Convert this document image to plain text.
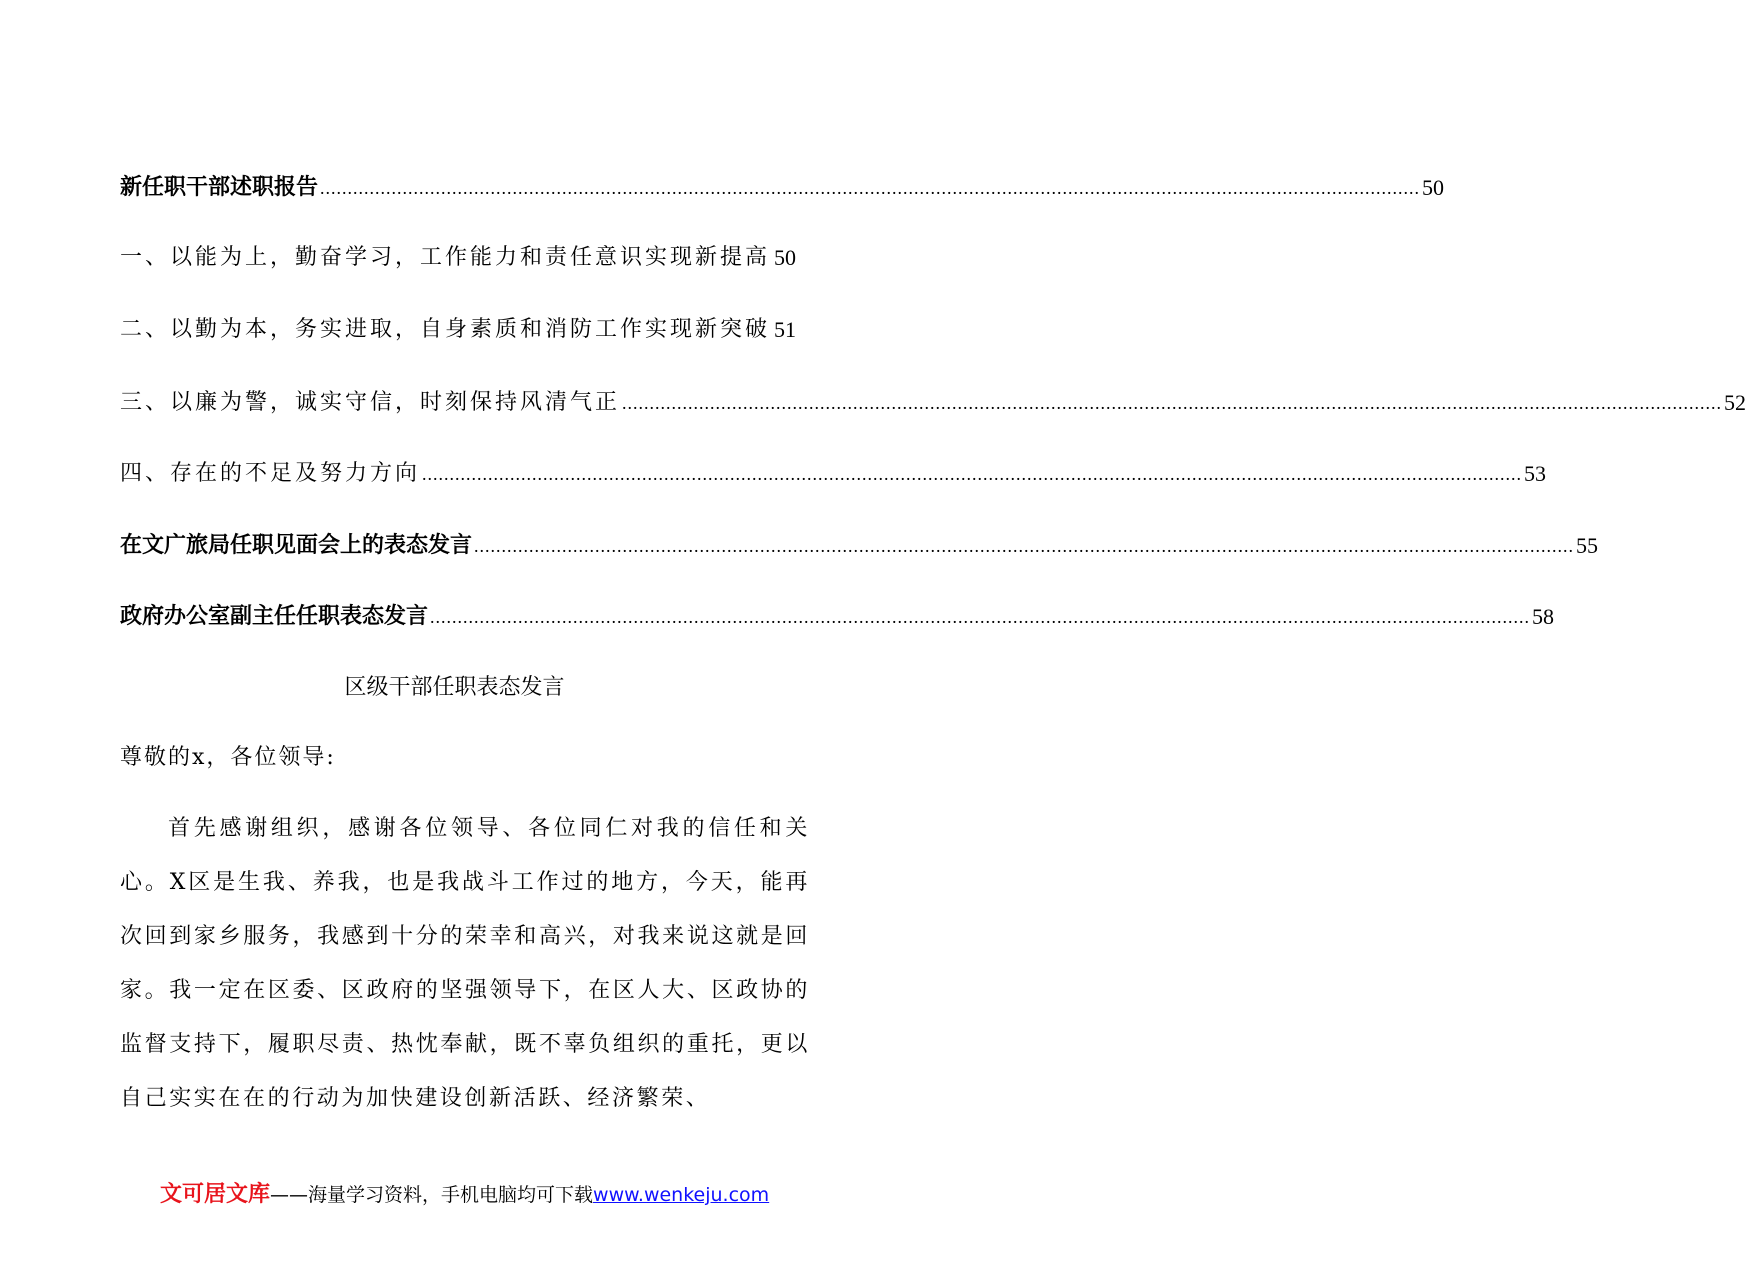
新任职干部述职报告 ........................................................................................................................................................................................................ 50
一、以能为上，勤奋学习，工作能力和责任意识实现新提高 50
二、以勤为本，务实进取，自身素质和消防工作实现新突破 51
三、以廉为警，诚实守信，时刻保持风清气正 ........................................................................................................................................................................................................ 52
四、存在的不足及努力方向 ........................................................................................................................................................................................................ 53
在文广旅局任职见面会上的表态发言 ........................................................................................................................................................................................................ 55
政府办公室副主任任职表态发言 ........................................................................................................................................................................................................ 58
区级干部任职表态发言
尊敬的x，各位领导:

首先感谢组织，感谢各位领导、各位同仁对我的信任和关心。X区是生我、养我，也是我战斗工作过的地方，今天，能再次回到家乡服务，我感到十分的荣幸和高兴，对我来说这就是回家。我一定在区委、区政府的坚强领导下，在区人大、区政协的监督支持下，履职尽责、热忱奉献，既不辜负组织的重托，更以自己实实在在的行动为加快建设创新活跃、经济繁荣、

文可居文库——海量学习资料，手机电脑均可下载www.wenkeju.com
